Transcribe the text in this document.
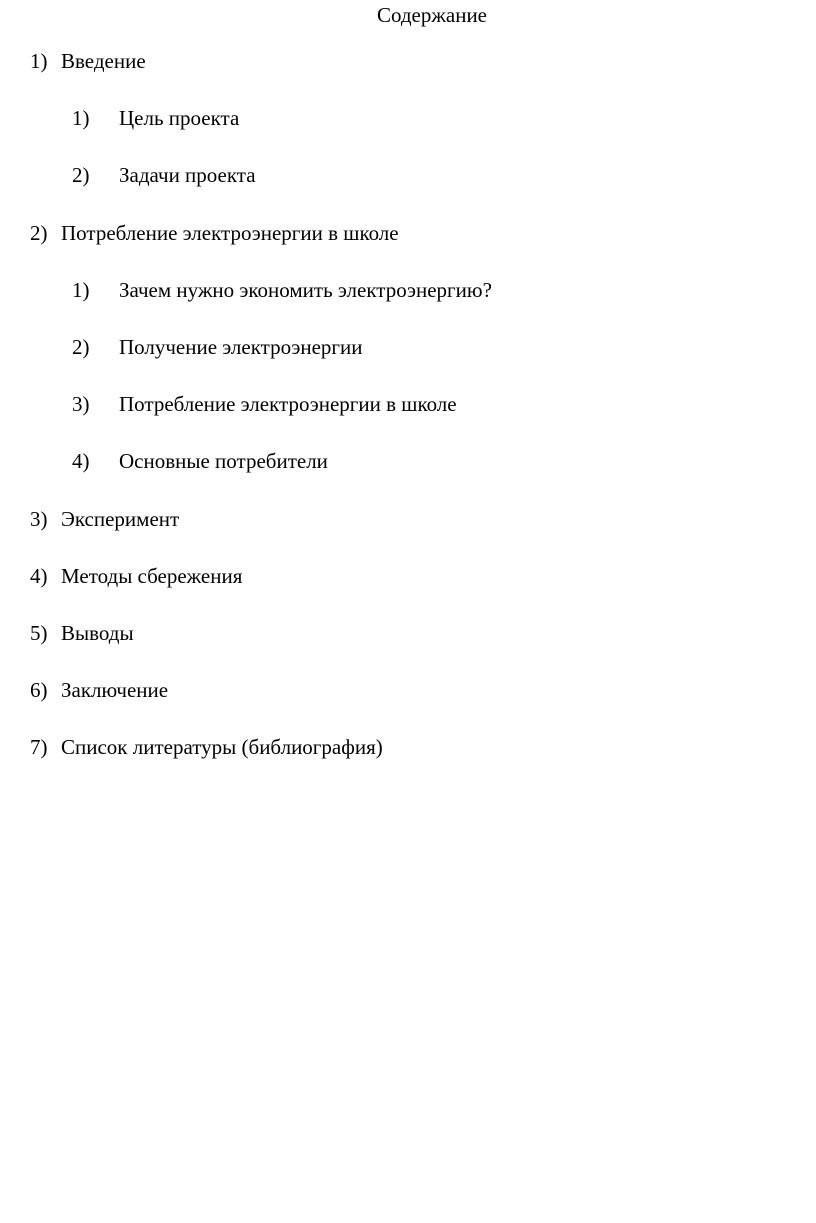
Содержание
1) Введение
1) Цель проекта
2) Задачи проекта
2) Потребление электроэнергии в школе
1) Зачем нужно экономить электроэнергию?
2) Получение электроэнергии
3) Потребление электроэнергии в школе
4) Основные потребители
3) Эксперимент
4) Методы сбережения
5) Выводы
6) Заключение
7) Список литературы (библиография)
